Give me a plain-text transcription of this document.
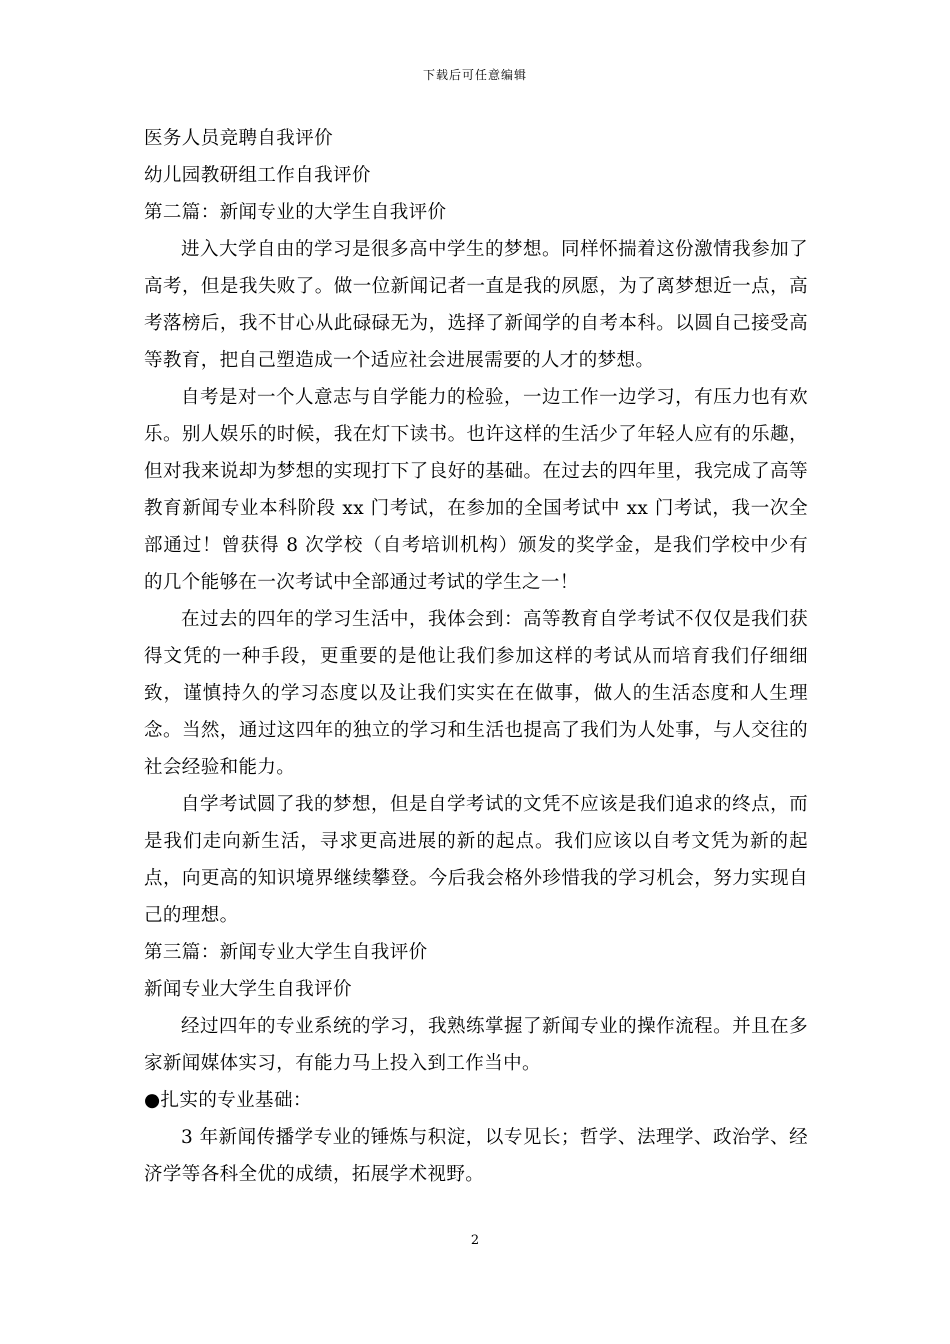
下载后可任意编辑

医务人员竞聘自我评价

幼儿园教研组工作自我评价

第二篇：新闻专业的大学生自我评价

进入大学自由的学习是很多高中学生的梦想。同样怀揣着这份激情我参加了高考，但是我失败了。做一位新闻记者一直是我的夙愿，为了离梦想近一点，高考落榜后，我不甘心从此碌碌无为，选择了新闻学的自考本科。以圆自己接受高等教育，把自己塑造成一个适应社会进展需要的人才的梦想。

自考是对一个人意志与自学能力的检验，一边工作一边学习，有压力也有欢乐。别人娱乐的时候，我在灯下读书。也许这样的生活少了年轻人应有的乐趣，但对我来说却为梦想的实现打下了良好的基础。在过去的四年里，我完成了高等教育新闻专业本科阶段 xx 门考试，在参加的全国考试中 xx 门考试，我一次全部通过！曾获得 8 次学校（自考培训机构）颁发的奖学金，是我们学校中少有的几个能够在一次考试中全部通过考试的学生之一！

在过去的四年的学习生活中，我体会到：高等教育自学考试不仅仅是我们获得文凭的一种手段，更重要的是他让我们参加这样的考试从而培育我们仔细细致，谨慎持久的学习态度以及让我们实实在在做事，做人的生活态度和人生理念。当然，通过这四年的独立的学习和生活也提高了我们为人处事，与人交往的社会经验和能力。

自学考试圆了我的梦想，但是自学考试的文凭不应该是我们追求的终点，而是我们走向新生活，寻求更高进展的新的起点。我们应该以自考文凭为新的起点，向更高的知识境界继续攀登。今后我会格外珍惜我的学习机会，努力实现自己的理想。

第三篇：新闻专业大学生自我评价

新闻专业大学生自我评价

经过四年的专业系统的学习，我熟练掌握了新闻专业的操作流程。并且在多家新闻媒体实习，有能力马上投入到工作当中。

●扎实的专业基础：

3 年新闻传播学专业的锤炼与积淀，以专见长；哲学、法理学、政治学、经济学等各科全优的成绩，拓展学术视野。

2
